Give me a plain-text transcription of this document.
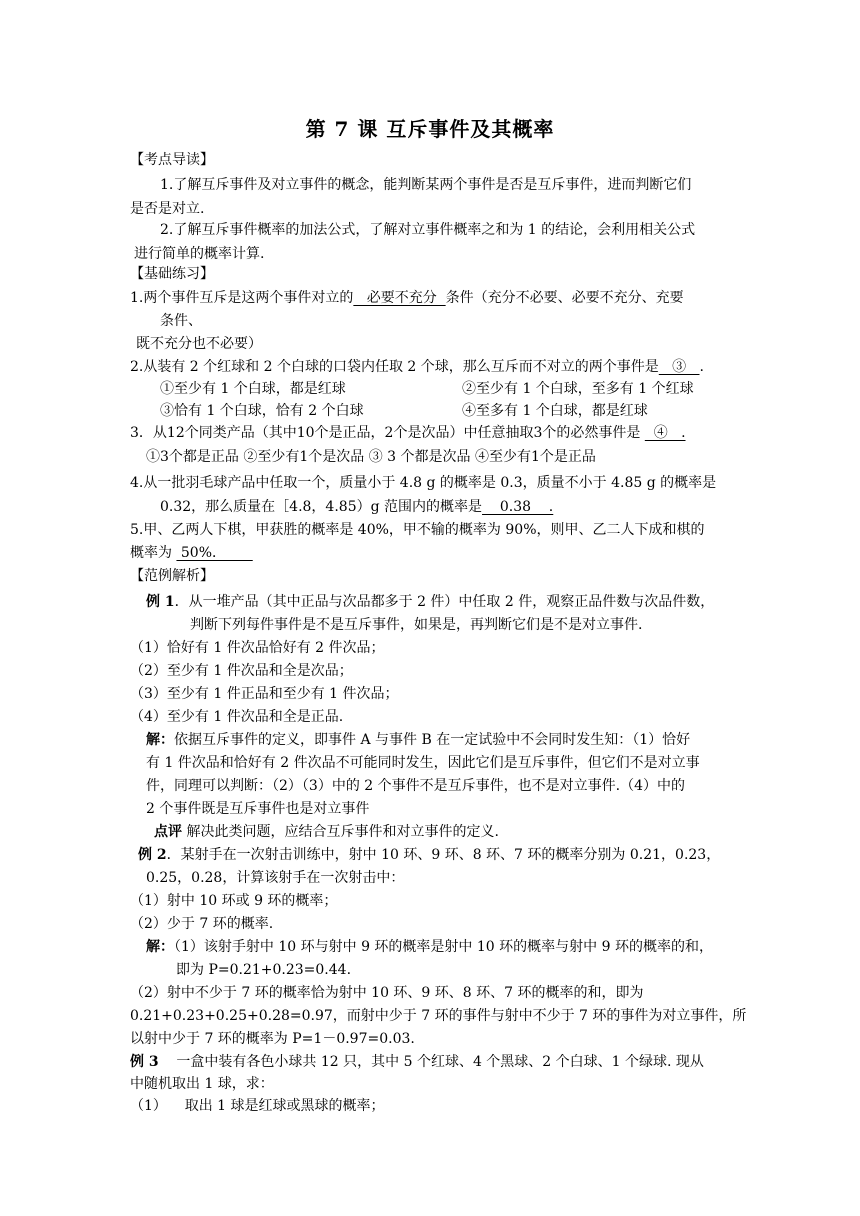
第 7 课 互斥事件及其概率
【考点导读】
1.了解互斥事件及对立事件的概念，能判断某两个事件是否是互斥事件，进而判断它们
是否是对立.
2.了解互斥事件概率的加法公式，了解对立事件概率之和为 1 的结论，会利用相关公式
进行简单的概率计算.
【基础练习】
1.两个事件互斥是这两个事件对立的   必要不充分  条件（充分不必要、必要不充分、充要
条件、
既不充分也不必要）
2.从装有 2 个红球和 2 个白球的口袋内任取 2 个球，那么互斥而不对立的两个事件是   ③   .
①至少有 1 个白球，都是红球	②至少有 1 个白球，至多有 1 个红球
③恰有 1 个白球，恰有 2 个白球	④至多有 1 个白球，都是红球
3．从12个同类产品（其中10个是正品，2个是次品）中任意抽取3个的必然事件是   ④   .
①3个都是正品 ②至少有1个是次品 ③ 3 个都是次品 ④至少有1个是正品
4.从一批羽毛球产品中任取一个，质量小于 4.8 g 的概率是 0.3，质量不小于 4.85 g 的概率是
0.32，那么质量在［4.8，4.85）g 范围内的概率是    0.38    .
5.甲、乙两人下棋，甲获胜的概率是 40%，甲不输的概率为 90%，则甲、乙二人下成和棋的
概率为  50%．
【范例解析】
例 1．从一堆产品（其中正品与次品都多于 2 件）中任取 2 件，观察正品件数与次品件数，
判断下列每件事件是不是互斥事件，如果是，再判断它们是不是对立事件.
（1）恰好有 1 件次品恰好有 2 件次品；
（2）至少有 1 件次品和全是次品；
（3）至少有 1 件正品和至少有 1 件次品；
（4）至少有 1 件次品和全是正品.
解：依据互斥事件的定义，即事件 A 与事件 B 在一定试验中不会同时发生知：（1）恰好
有 1 件次品和恰好有 2 件次品不可能同时发生，因此它们是互斥事件，但它们不是对立事
件，同理可以判断：（2）（3）中的 2 个事件不是互斥事件，也不是对立事件.（4）中的
2 个事件既是互斥事件也是对立事件
点评 解决此类问题，应结合互斥事件和对立事件的定义.
例 2．某射手在一次射击训练中，射中 10 环、9 环、8 环、7 环的概率分别为 0.21，0.23，
0.25，0.28，计算该射手在一次射击中：
（1）射中 10 环或 9 环的概率；
（2）少于 7 环的概率.
解：（1）该射手射中 10 环与射中 9 环的概率是射中 10 环的概率与射中 9 环的概率的和，
即为 P=0.21+0.23=0.44.
（2）射中不少于 7 环的概率恰为射中 10 环、9 环、8 环、7 环的概率的和，即为
0.21+0.23+0.25+0.28=0.97，而射中少于 7 环的事件与射中不少于 7 环的事件为对立事件，所
以射中少于 7 环的概率为 P=1－0.97=0.03.
例 3    一盒中装有各色小球共 12 只，其中 5 个红球、4 个黑球、2 个白球、1 个绿球. 现从
中随机取出 1 球，求：
（1）    取出 1 球是红球或黑球的概率；
